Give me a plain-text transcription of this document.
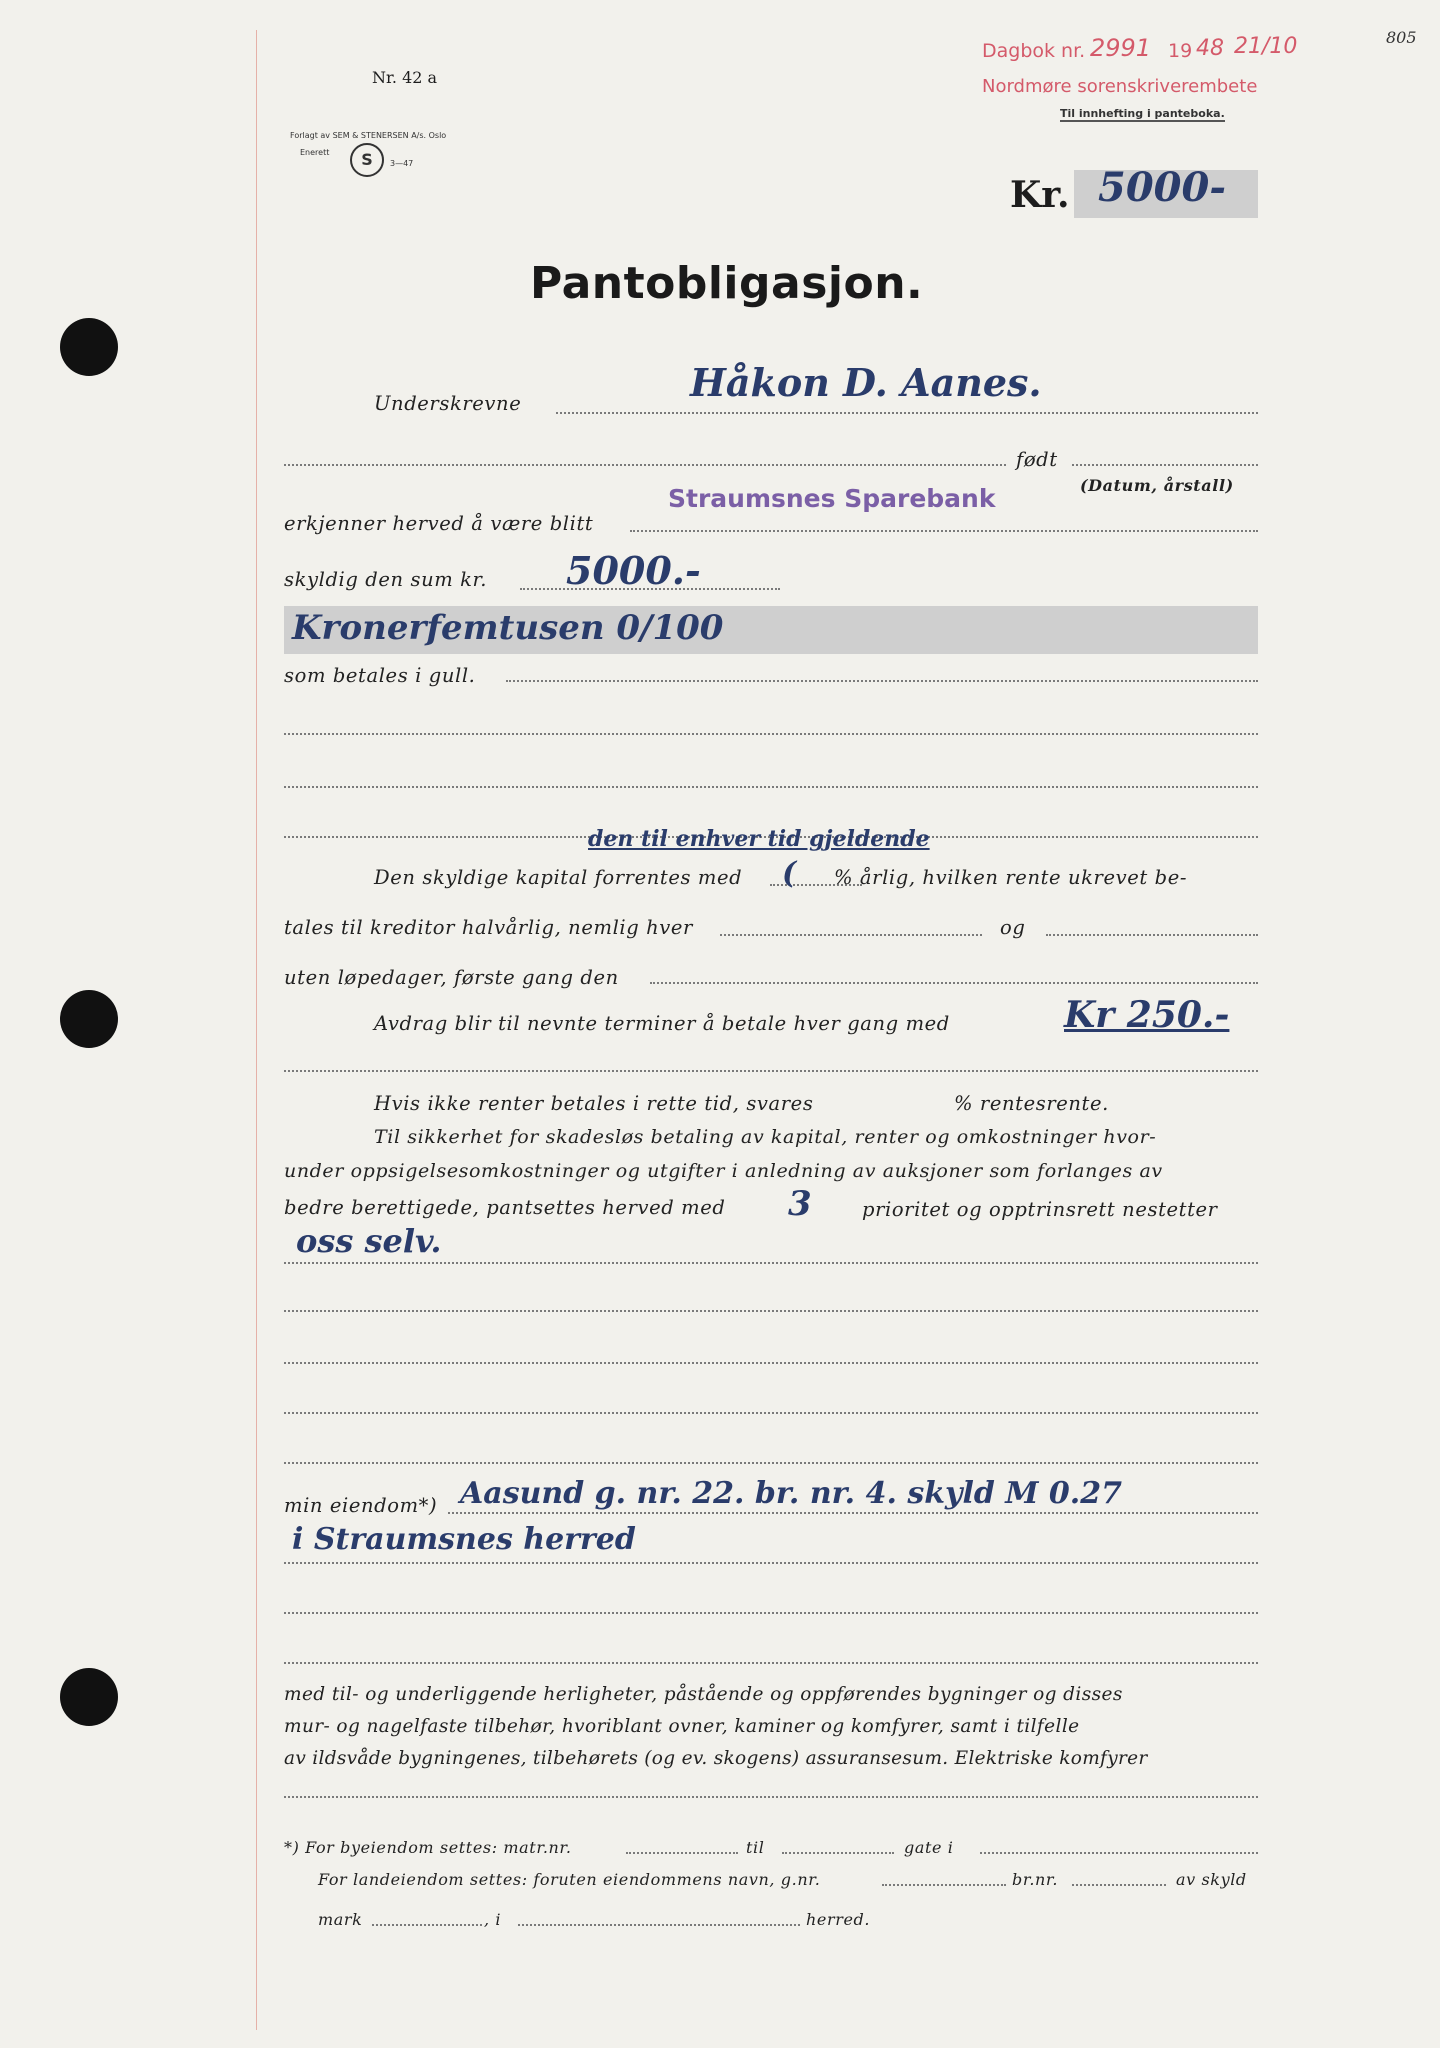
Nr. 42 a
Forlagt av SEM & STENERSEN A/s. Oslo
Enerett
3—47
S
Dagbok nr. 2991 19 48 21/10	805
Nordmøre sorenskriverembete
Til innhefting i panteboka.
Kr. 5000-
Pantobligasjon.
Underskrevne	Håkon D. Aanes.
født
(Datum, årstall)
erkjenner herved å være blitt
Straumsnes Sparebank
skyldig den sum kr. 5000.-
Kronerfemtusen 0/100
som betales i gull.
den til enhver tid gjeldende
Den skyldige kapital forrentes med ( % årlig, hvilken rente ukrevet be-
tales til kreditor halvårlig, nemlig hver	og
uten løpedager, første gang den
Avdrag blir til nevnte terminer å betale hver gang med	Kr 250.-
Hvis ikke renter betales i rette tid, svares	% rentesrente.
Til sikkerhet for skadesløs betaling av kapital, renter og omkostninger hvor-
under oppsigelsesomkostninger og utgifter i anledning av auksjoner som forlanges av
bedre berettigede, pantsettes herved med 3	prioritet og opptrinsrett nestetter
oss selv.
min eiendom*) Aasund g. nr. 22. br. nr. 4. skyld M 0.27
i Straumsnes herred
med til- og underliggende herligheter, påstående og oppførendes bygninger og disses
mur- og nagelfaste tilbehør, hvoriblant ovner, kaminer og komfyrer, samt i tilfelle
av ildsvåde bygningenes, tilbehørets (og ev. skogens) assuransesum. Elektriske komfyrer
*) For byeiendom settes: matr.nr.	til	gate i
For landeiendom settes: foruten eiendommens navn, g.nr.	br.nr.	av skyld
mark	, i	herred.
